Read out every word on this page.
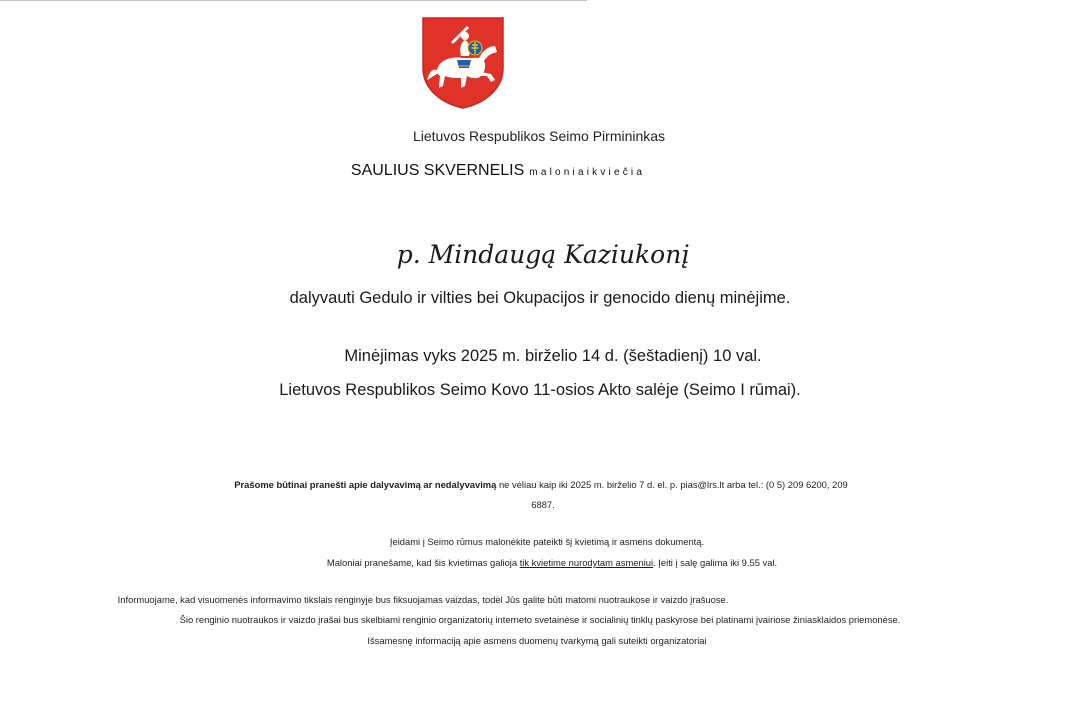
Lietuvos Respublikos Seimo Pirmininkas
SAULIUS SKVERNELIS maloniaikviečia
p. Mindaugą Kaziukonį
dalyvauti Gedulo ir vilties bei Okupacijos ir genocido dienų minėjime.
Minėjimas vyks 2025 m. birželio 14 d. (šeštadienį) 10 val.
Lietuvos Respublikos Seimo Kovo 11-osios Akto salėje (Seimo I rūmai).
Prašome būtinai pranešti apie dalyvavimą ar nedalyvavimą ne vėliau kaip iki 2025 m. birželio 7 d. el. p. pias@lrs.lt arba tel.: (0 5) 209 6200, 209
6887.
Įeidami į Seimo rūmus malonėkite pateikti šį kvietimą ir asmens dokumentą.
Maloniai pranešame, kad šis kvietimas galioja tik kvietime nurodytam asmeniui. Įeiti į salę galima iki 9.55 val.
Informuojame, kad visuomenės informavimo tikslais renginyje bus fiksuojamas vaizdas, todėl Jūs galite būti matomi nuotraukose ir vaizdo įrašuose.
Šio renginio nuotraukos ir vaizdo įrašai bus skelbiami renginio organizatorių interneto svetainėse ir socialinių tinklų paskyrose bei platinami įvairiose žiniasklaidos priemonėse.
Išsamesnę informaciją apie asmens duomenų tvarkymą gali suteikti organizatoriai
